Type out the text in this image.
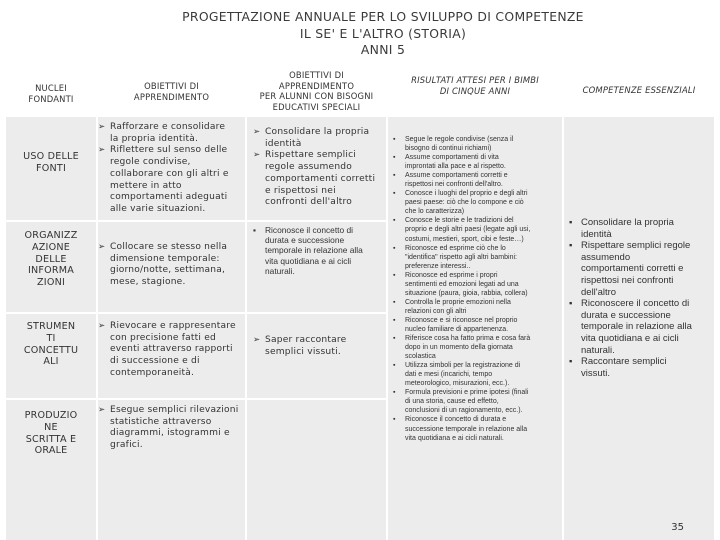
PROGETTAZIONE ANNUALE PER LO SVILUPPO DI COMPETENZE
IL SE' E L'ALTRO (STORIA)
ANNI 5
NUCLEI
FONDANTI
OBIETTIVI DI
APPRENDIMENTO
OBIETTIVI DI
APPRENDIMENTO
PER ALUNNI CON BISOGNI
EDUCATIVI SPECIALI
RISULTATI ATTESI PER I BIMBI
DI CINQUE ANNI	COMPETENZE ESSENZIALI
USO DELLE
FONTI
ORGANIZZ
AZIONE
DELLE
INFORMA
ZIONI
STRUMEN
TI
CONCETTU
ALI
PRODUZIO
NE
SCRITTA E
ORALE
➢ Rafforzare e consolidare
la propria identità.
➢ Riflettere sul senso delle
regole condivise,
collaborare con gli altri e
mettere in atto
comportamenti adeguati
alle varie situazioni.
➢ Collocare se stesso nella
dimensione temporale:
giorno/notte, settimana,
mese, stagione.
➢ Rievocare e rappresentare
con precisione fatti ed
eventi attraverso rapporti
di successione e di
contemporaneità.
➢ Esegue semplici rilevazioni
statistiche attraverso
diagrammi, istogrammi e
grafici.
➢ Consolidare la propria
identità
➢ Rispettare semplici
regole assumendo
comportamenti corretti
e rispettosi nei
confronti dell'altro
▪ Riconosce il concetto di
durata e successione
temporale in relazione alla
vita quotidiana e ai cicli
naturali.
➢ Saper raccontare
semplici vissuti.
▪ Segue le regole condivise (senza il
bisogno di continui richiami)
▪ Assume comportamenti di vita
improntati alla pace e al rispetto.
▪ Assume comportamenti corretti e
rispettosi nei confronti dell'altro.
▪ Conosce i luoghi del proprio e degli altri
paesi paese: ciò che lo compone e ciò
che lo caratterizza)
▪ Conosce le storie e le tradizioni del
proprio e degli altri paesi (legate agli usi,
costumi, mestieri, sport, cibi e feste…)
▪ Riconosce ed esprime ciò che lo
"identifica" rispetto agli altri bambini:
preferenze interessi..
▪ Riconosce ed esprime i propri
sentimenti ed emozioni legati ad una
situazione (paura, gioia, rabbia, collera)
▪ Controlla le proprie emozioni nella
relazioni con gli altri
▪ Riconosce e si riconosce nel proprio
nucleo familiare di appartenenza.
▪ Riferisce cosa ha fatto prima e cosa farà
dopo in un momento della giornata
scolastica
▪ Utilizza simboli per la registrazione di
dati e mesi (incarichi, tempo
meteorologico, misurazioni, ecc.).
▪ Formula previsioni e prime ipotesi (finali
di una storia, cause ed effetto,
conclusioni di un ragionamento, ecc.).
▪ Riconosce il concetto di durata e
successione temporale in relazione alla
vita quotidiana e ai cicli naturali.
▪ Consolidare la propria
identità
▪ Rispettare semplici regole
assumendo
comportamenti corretti e
rispettosi nei confronti
dell'altro
▪ Riconoscere il concetto di
durata e successione
temporale in relazione alla
vita quotidiana e ai cicli
naturali.
▪ Raccontare semplici
vissuti.
35
